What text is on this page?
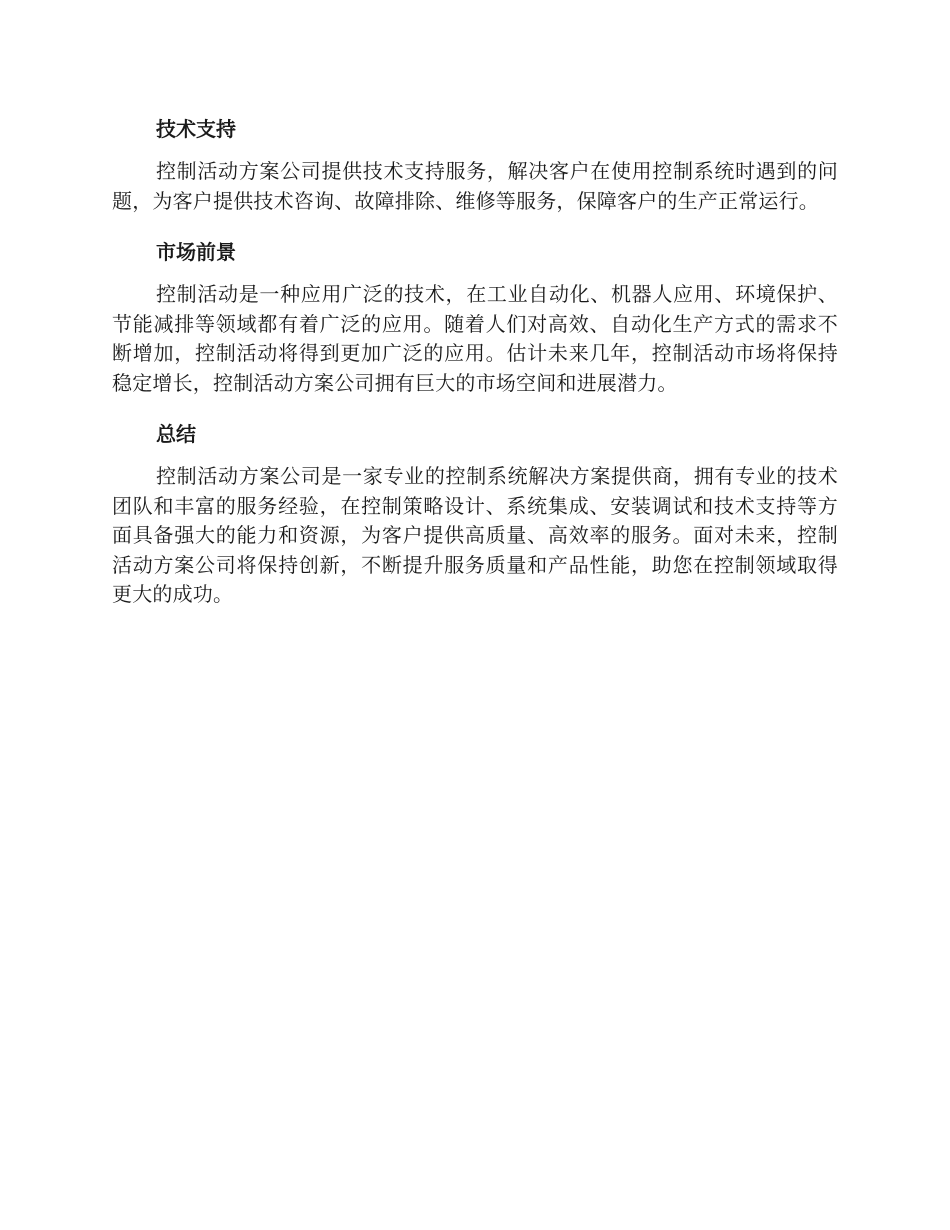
技术支持

控制活动方案公司提供技术支持服务，解决客户在使用控制系统时遇到的问题，为客户提供技术咨询、故障排除、维修等服务，保障客户的生产正常运行。

市场前景

控制活动是一种应用广泛的技术，在工业自动化、机器人应用、环境保护、节能减排等领域都有着广泛的应用。随着人们对高效、自动化生产方式的需求不断增加，控制活动将得到更加广泛的应用。估计未来几年，控制活动市场将保持稳定增长，控制活动方案公司拥有巨大的市场空间和进展潜力。

总结

控制活动方案公司是一家专业的控制系统解决方案提供商，拥有专业的技术团队和丰富的服务经验，在控制策略设计、系统集成、安装调试和技术支持等方面具备强大的能力和资源，为客户提供高质量、高效率的服务。面对未来，控制活动方案公司将保持创新，不断提升服务质量和产品性能，助您在控制领域取得更大的成功。
